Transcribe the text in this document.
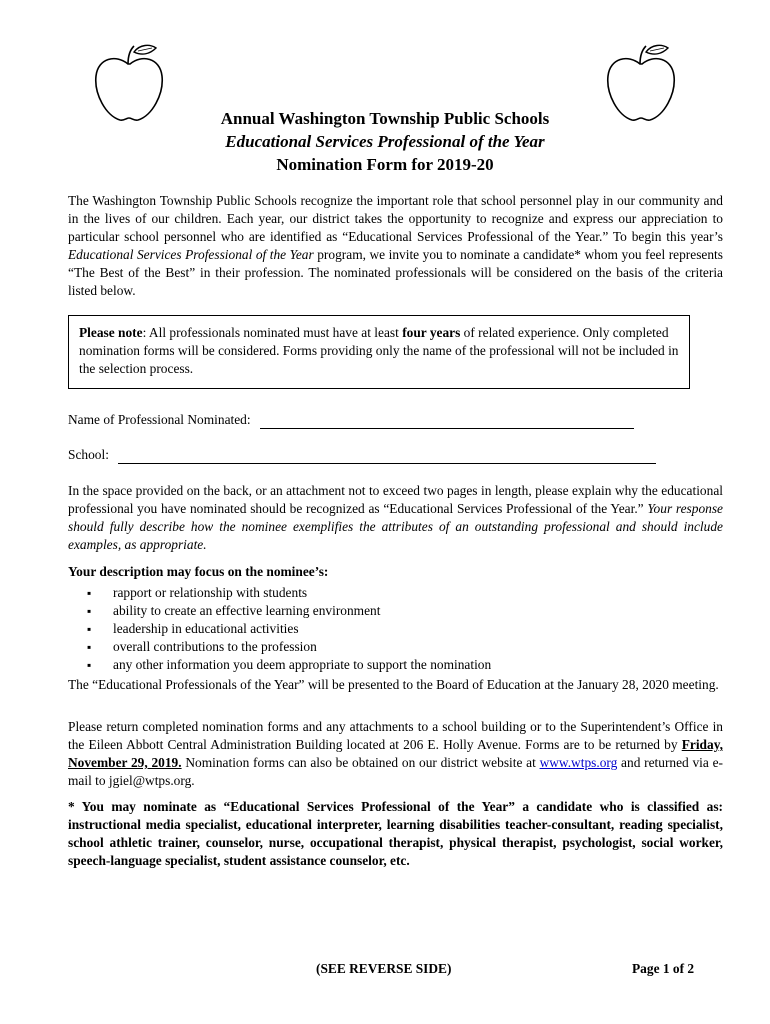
Annual Washington Township Public Schools
Educational Services Professional of the Year
Nomination Form for 2019-20
The Washington Township Public Schools recognize the important role that school personnel play in our community and in the lives of our children. Each year, our district takes the opportunity to recognize and express our appreciation to particular school personnel who are identified as “Educational Services Professional of the Year.” To begin this year’s Educational Services Professional of the Year program, we invite you to nominate a candidate* whom you feel represents “The Best of the Best” in their profession. The nominated professionals will be considered on the basis of the criteria listed below.
Please note: All professionals nominated must have at least four years of related experience. Only completed nomination forms will be considered. Forms providing only the name of the professional will not be included in the selection process.
Name of Professional Nominated:
School:
In the space provided on the back, or an attachment not to exceed two pages in length, please explain why the educational professional you have nominated should be recognized as “Educational Services Professional of the Year.” Your response should fully describe how the nominee exemplifies the attributes of an outstanding professional and should include examples, as appropriate.
Your description may focus on the nominee’s:
▪ rapport or relationship with students
▪ ability to create an effective learning environment
▪ leadership in educational activities
▪ overall contributions to the profession
▪ any other information you deem appropriate to support the nomination
The “Educational Professionals of the Year” will be presented to the Board of Education at the January 28, 2020 meeting.
Please return completed nomination forms and any attachments to a school building or to the Superintendent’s Office in the Eileen Abbott Central Administration Building located at 206 E. Holly Avenue. Forms are to be returned by Friday, November 29, 2019. Nomination forms can also be obtained on our district website at www.wtps.org and returned via e-mail to jgiel@wtps.org.
* You may nominate as “Educational Services Professional of the Year” a candidate who is classified as: instructional media specialist, educational interpreter, learning disabilities teacher-consultant, reading specialist, school athletic trainer, counselor, nurse, occupational therapist, physical therapist, psychologist, social worker, speech-language specialist, student assistance counselor, etc.
(SEE REVERSE SIDE)	Page 1 of 2
